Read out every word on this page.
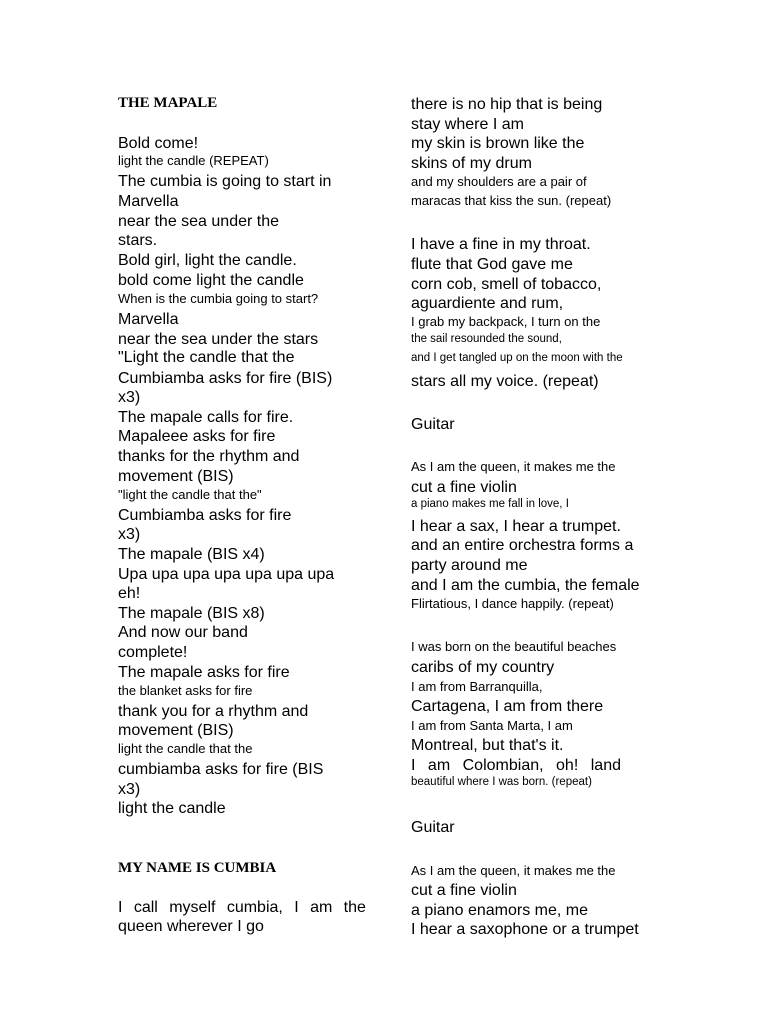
THE MAPALE
Bold come!
light the candle (REPEAT)
The cumbia is going to start in
Marvella
near the sea under the
stars.
Bold girl, light the candle.
bold come light the candle
When is the cumbia going to start?
Marvella
near the sea under the stars
"Light the candle that the
Cumbiamba asks for fire (BIS)
x3)
The mapale calls for fire.
Mapaleee asks for fire
thanks for the rhythm and
movement (BIS)
"light the candle that the"
Cumbiamba asks for fire
x3)
The mapale (BIS x4)
Upa upa upa upa upa upa upa
eh!
The mapale (BIS x8)
And now our band
complete!
The mapale asks for fire
the blanket asks for fire
thank you for a rhythm and
movement (BIS)
light the candle that the
cumbiamba asks for fire (BIS
x3)
light the candle
MY NAME IS CUMBIA
I call myself cumbia, I am the
queen wherever I go
there is no hip that is being
stay where I am
my skin is brown like the
skins of my drum
and my shoulders are a pair of
maracas that kiss the sun. (repeat)
I have a fine in my throat.
flute that God gave me
corn cob, smell of tobacco,
aguardiente and rum,
I grab my backpack, I turn on the
the sail resounded the sound,
and I get tangled up on the moon with the
stars all my voice. (repeat)
Guitar
As I am the queen, it makes me the
cut a fine violin
a piano makes me fall in love, I
I hear a sax, I hear a trumpet.
and an entire orchestra forms a
party around me
and I am the cumbia, the female
Flirtatious, I dance happily. (repeat)
I was born on the beautiful beaches
caribs of my country
I am from Barranquilla,
Cartagena, I am from there
I am from Santa Marta, I am
Montreal, but that's it.
I am Colombian, oh! land
beautiful where I was born. (repeat)
Guitar
As I am the queen, it makes me the
cut a fine violin
a piano enamors me, me
I hear a saxophone or a trumpet
